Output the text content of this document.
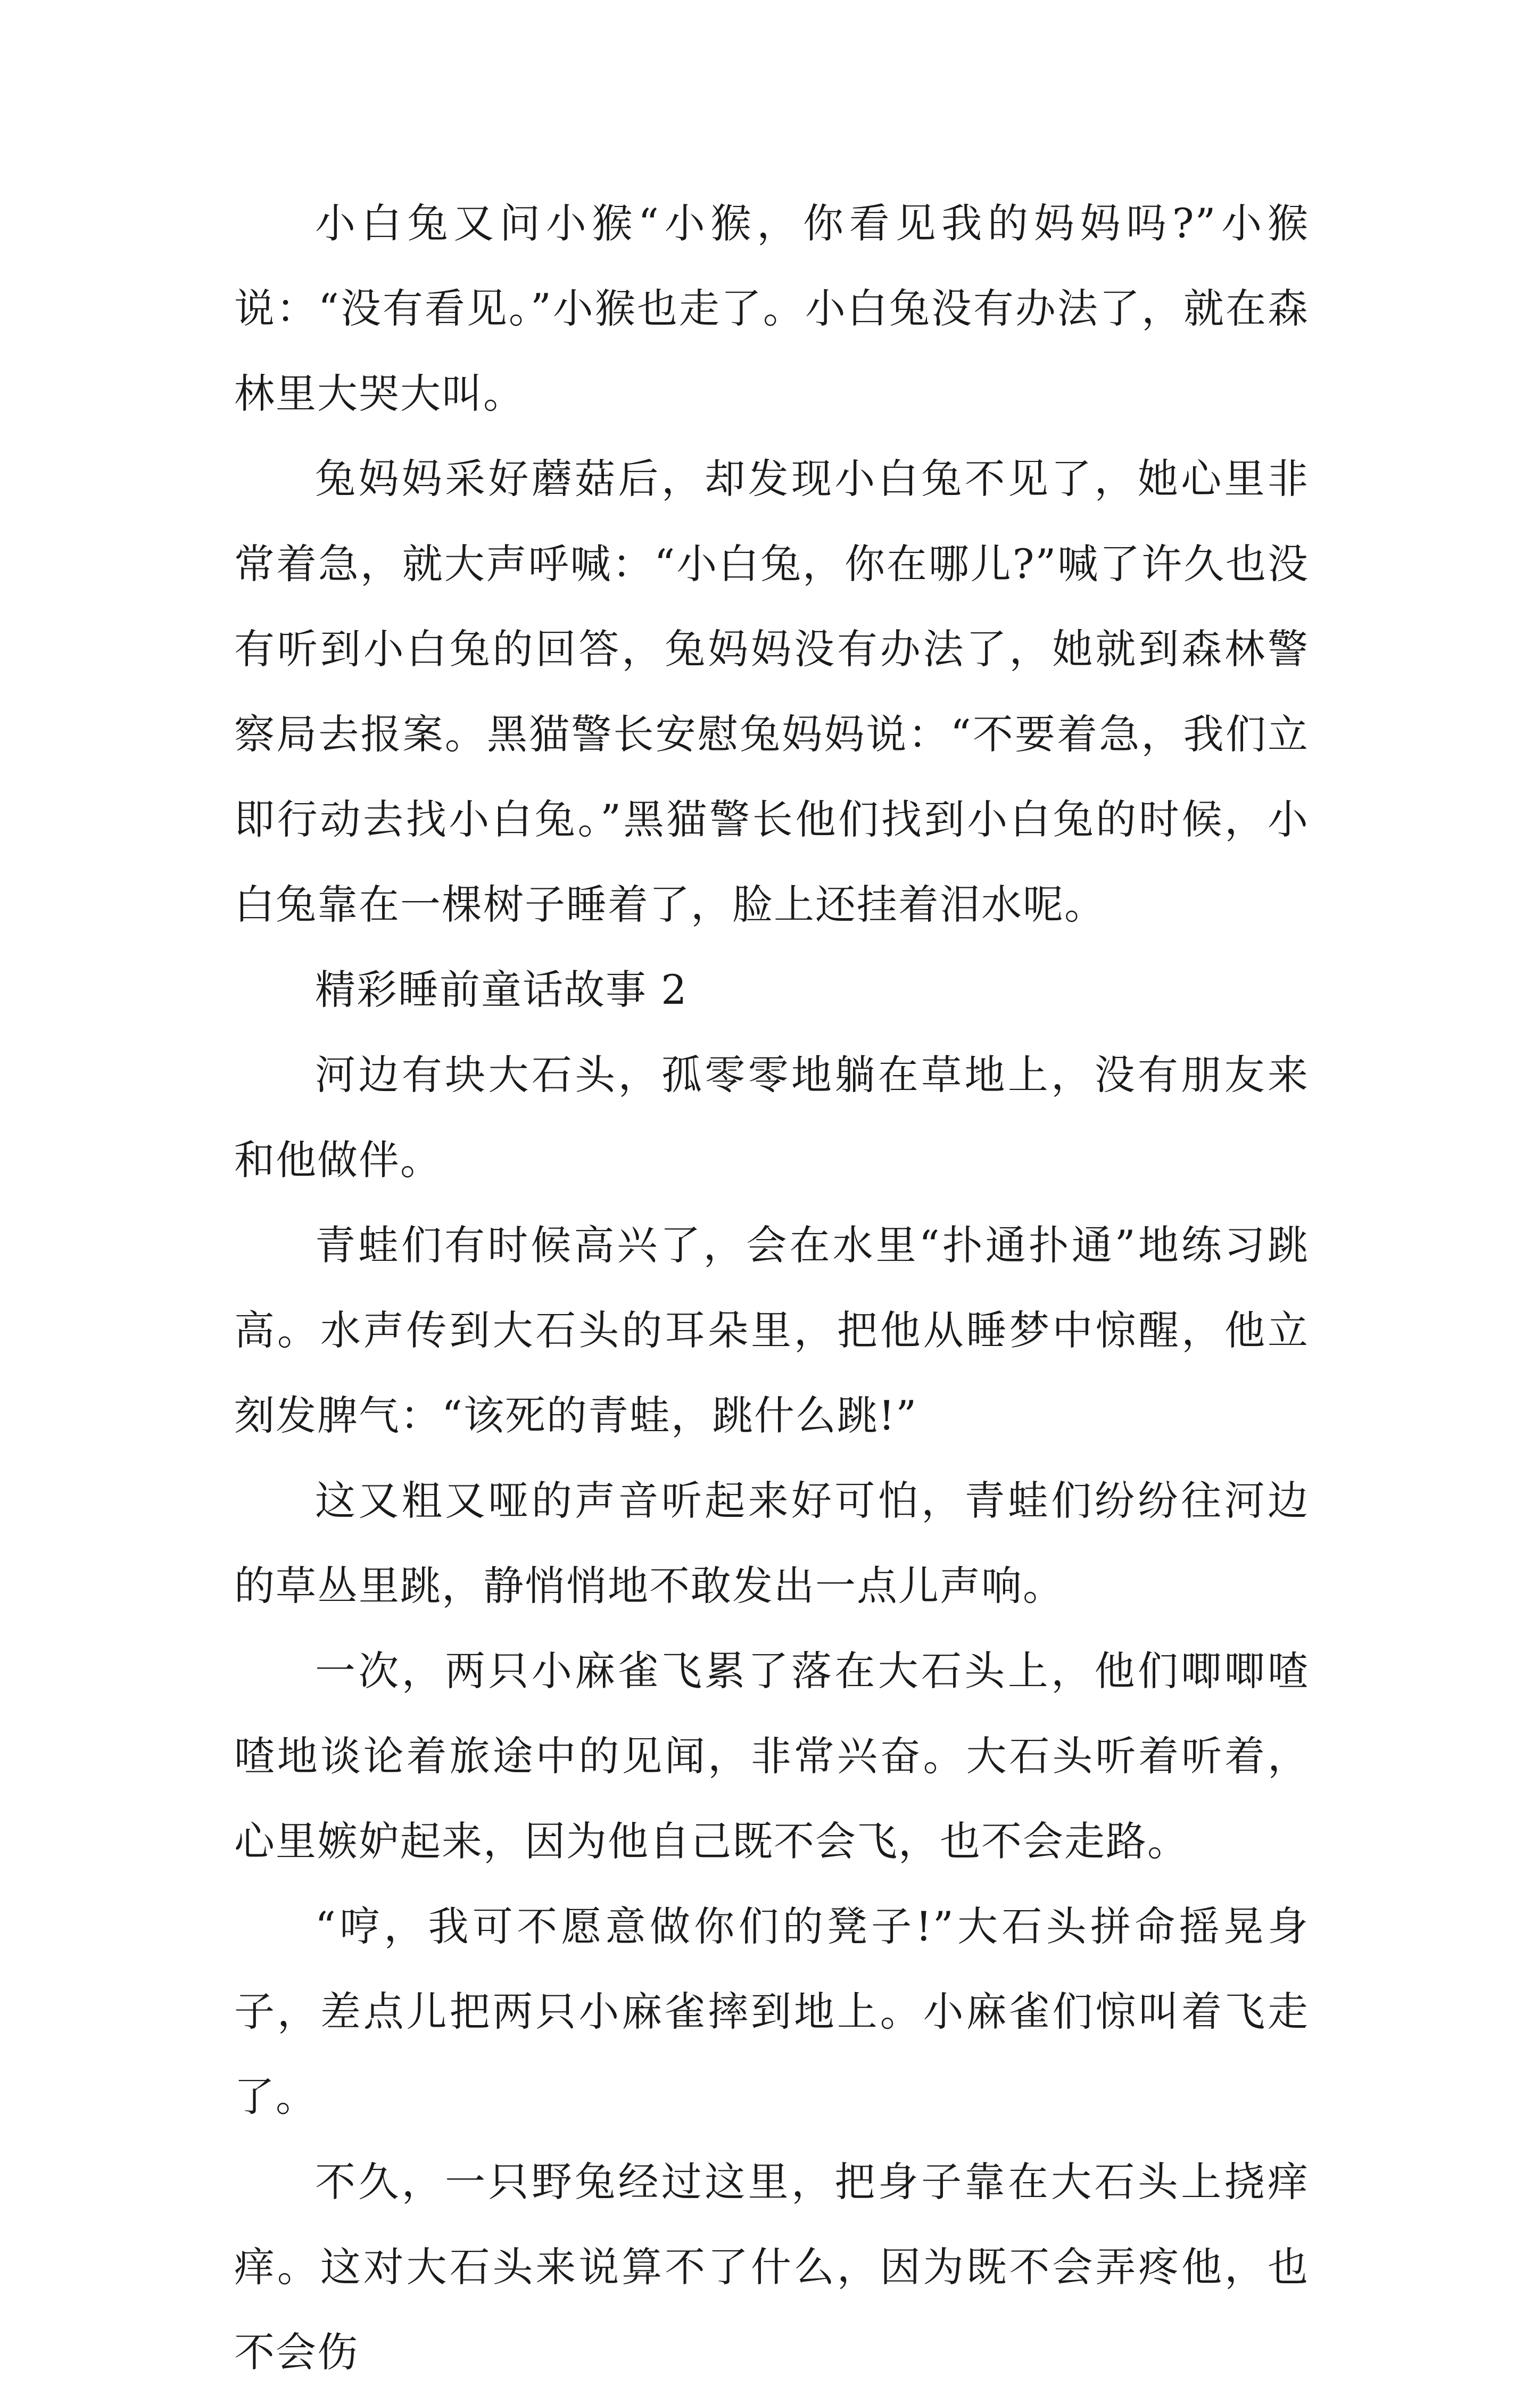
小白兔又问小猴“小猴，你看见我的妈妈吗?”小猴说：“没有看见。”小猴也走了。小白兔没有办法了，就在森林里大哭大叫。

兔妈妈采好蘑菇后，却发现小白兔不见了，她心里非常着急，就大声呼喊：“小白兔，你在哪儿?”喊了许久也没有听到小白兔的回答，兔妈妈没有办法了，她就到森林警察局去报案。黑猫警长安慰兔妈妈说：“不要着急，我们立即行动去找小白兔。”黑猫警长他们找到小白兔的时候，小白兔靠在一棵树子睡着了，脸上还挂着泪水呢。

精彩睡前童话故事 2

河边有块大石头，孤零零地躺在草地上，没有朋友来和他做伴。

青蛙们有时候高兴了，会在水里“扑通扑通”地练习跳高。水声传到大石头的耳朵里，把他从睡梦中惊醒，他立刻发脾气：“该死的青蛙，跳什么跳!”

这又粗又哑的声音听起来好可怕，青蛙们纷纷往河边的草丛里跳，静悄悄地不敢发出一点儿声响。

一次，两只小麻雀飞累了落在大石头上，他们唧唧喳喳地谈论着旅途中的见闻，非常兴奋。大石头听着听着，心里嫉妒起来，因为他自己既不会飞，也不会走路。

“哼，我可不愿意做你们的凳子!”大石头拼命摇晃身子，差点儿把两只小麻雀摔到地上。小麻雀们惊叫着飞走了。

不久，一只野兔经过这里，把身子靠在大石头上挠痒痒。这对大石头来说算不了什么，因为既不会弄疼他，也不会伤
